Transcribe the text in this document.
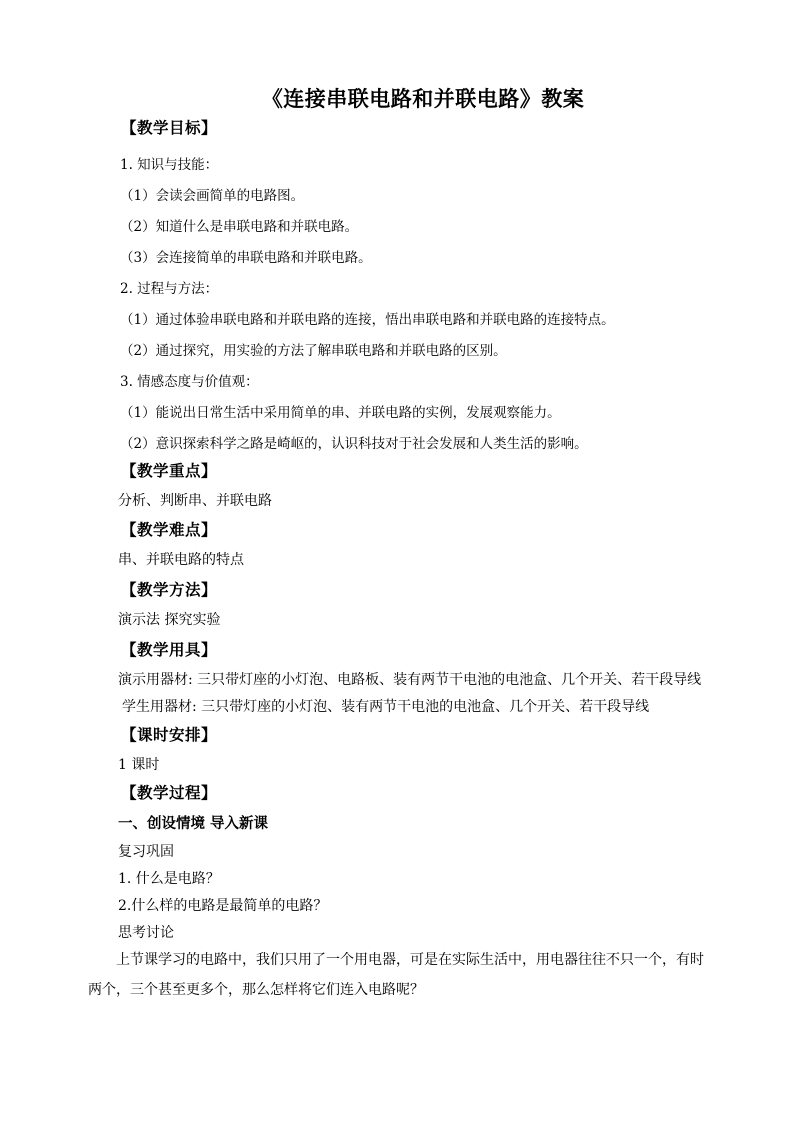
《连接串联电路和并联电路》教案
【教学目标】
1. 知识与技能：
（1）会读会画简单的电路图。
（2）知道什么是串联电路和并联电路。
（3）会连接简单的串联电路和并联电路。
2. 过程与方法：
（1）通过体验串联电路和并联电路的连接，悟出串联电路和并联电路的连接特点。
（2）通过探究，用实验的方法了解串联电路和并联电路的区别。
3. 情感态度与价值观：
（1）能说出日常生活中采用简单的串、并联电路的实例，发展观察能力。
（2）意识探索科学之路是崎岖的，认识科技对于社会发展和人类生活的影响。
【教学重点】
分析、判断串、并联电路
【教学难点】
串、并联电路的特点
【教学方法】
演示法 探究实验
【教学用具】
演示用器材: 三只带灯座的小灯泡、电路板、装有两节干电池的电池盒、几个开关、若干段导线
学生用器材: 三只带灯座的小灯泡、装有两节干电池的电池盒、几个开关、若干段导线
【课时安排】
1 课时
【教学过程】
一、创设情境 导入新课
复习巩固
1. 什么是电路？
2.什么样的电路是最简单的电路？
思考讨论
上节课学习的电路中，我们只用了一个用电器，可是在实际生活中，用电器往往不只一个，有时两个，三个甚至更多个，那么怎样将它们连入电路呢？
